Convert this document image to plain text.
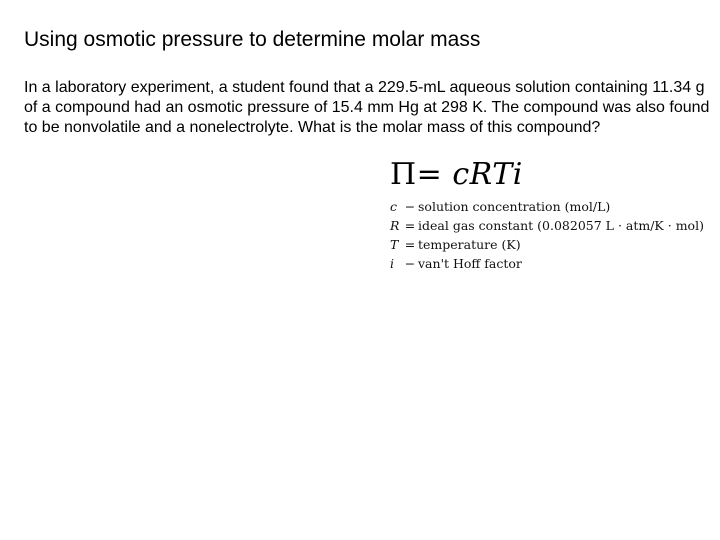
Using osmotic pressure to determine molar mass

In a laboratory experiment, a student found that a 229.5-mL aqueous solution containing 11.34 g of a compound had an osmotic pressure of 15.4 mm Hg at 298 K. The compound was also found to be nonvolatile and a nonelectrolyte. What is the molar mass of this compound?

Π= cRTi
c − solution concentration (mol/L)
R = ideal gas constant (0.082057 L · atm/K · mol)
T = temperature (K)
i − van't Hoff factor
